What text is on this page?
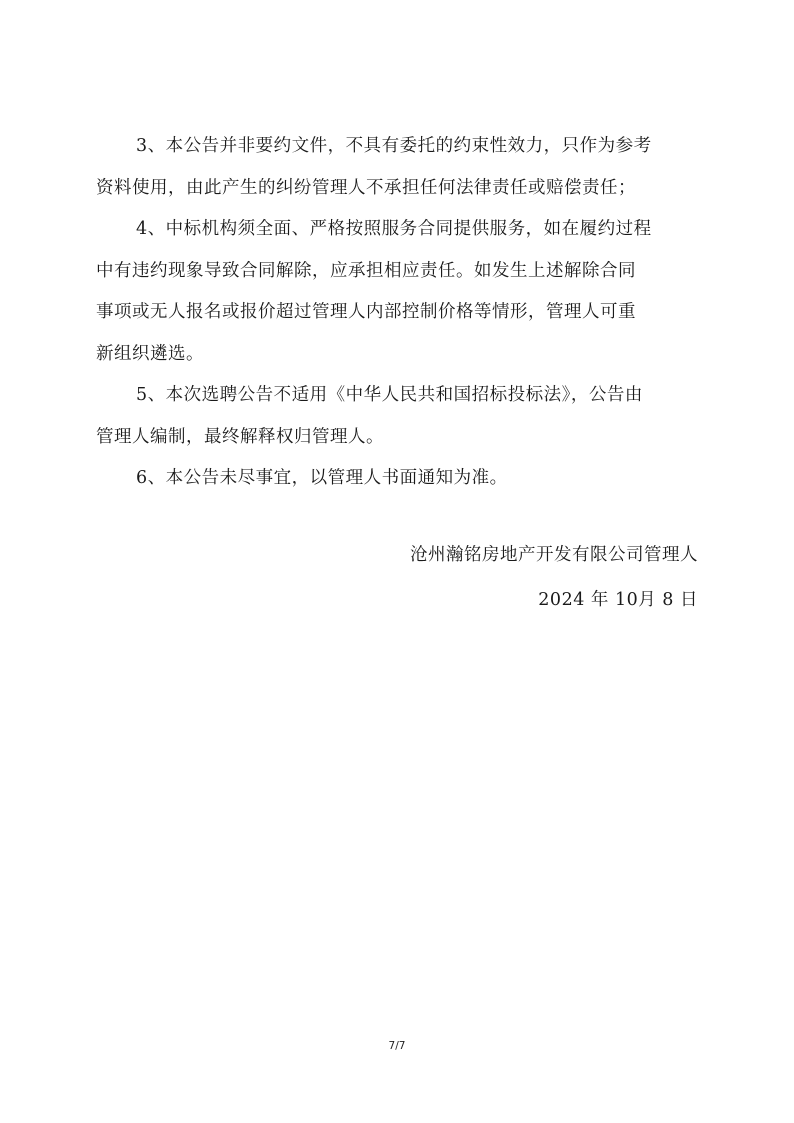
3、本公告并非要约文件，不具有委托的约束性效力，只作为参考
资料使用，由此产生的纠纷管理人不承担任何法律责任或赔偿责任；

4、中标机构须全面、严格按照服务合同提供服务，如在履约过程
中有违约现象导致合同解除，应承担相应责任。如发生上述解除合同
事项或无人报名或报价超过管理人内部控制价格等情形，管理人可重
新组织遴选。

5、本次选聘公告不适用《中华人民共和国招标投标法》，公告由
管理人编制，最终解释权归管理人。

6、本公告未尽事宜，以管理人书面通知为准。

沧州瀚铭房地产开发有限公司管理人
2024 年 10月 8 日
7/7
